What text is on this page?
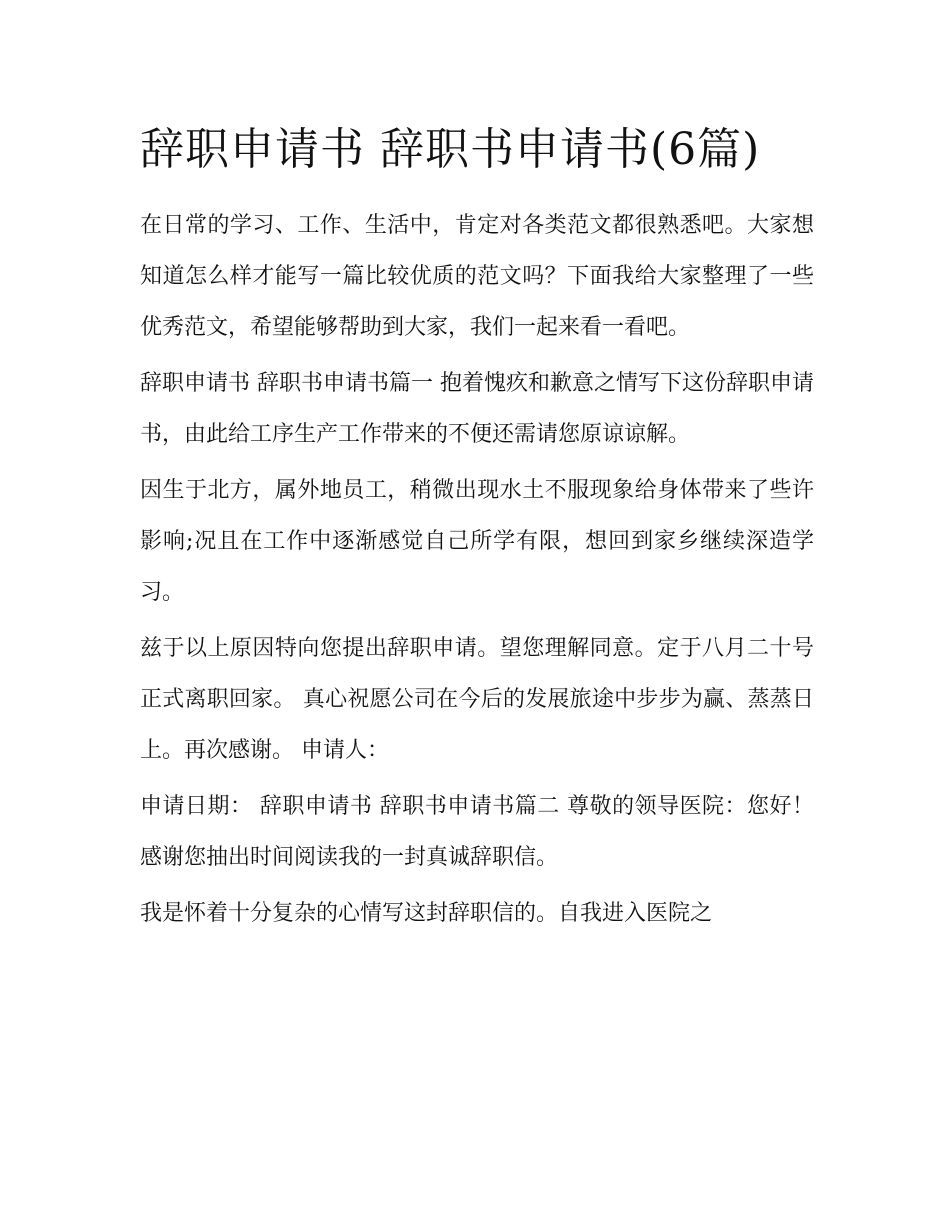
辞职申请书 辞职书申请书(6篇)

在日常的学习、工作、生活中，肯定对各类范文都很熟悉吧。大家想知道怎么样才能写一篇比较优质的范文吗？下面我给大家整理了一些优秀范文，希望能够帮助到大家，我们一起来看一看吧。

辞职申请书 辞职书申请书篇一 抱着愧疚和歉意之情写下这份辞职申请书，由此给工序生产工作带来的不便还需请您原谅谅解。

因生于北方，属外地员工，稍微出现水土不服现象给身体带来了些许影响;况且在工作中逐渐感觉自己所学有限，想回到家乡继续深造学习。

兹于以上原因特向您提出辞职申请。望您理解同意。定于八月二十号正式离职回家。 真心祝愿公司在今后的发展旅途中步步为赢、蒸蒸日上。再次感谢。 申请人：

申请日期： 辞职申请书 辞职书申请书篇二 尊敬的领导医院：您好！感谢您抽出时间阅读我的一封真诚辞职信。

我是怀着十分复杂的心情写这封辞职信的。自我进入医院之
